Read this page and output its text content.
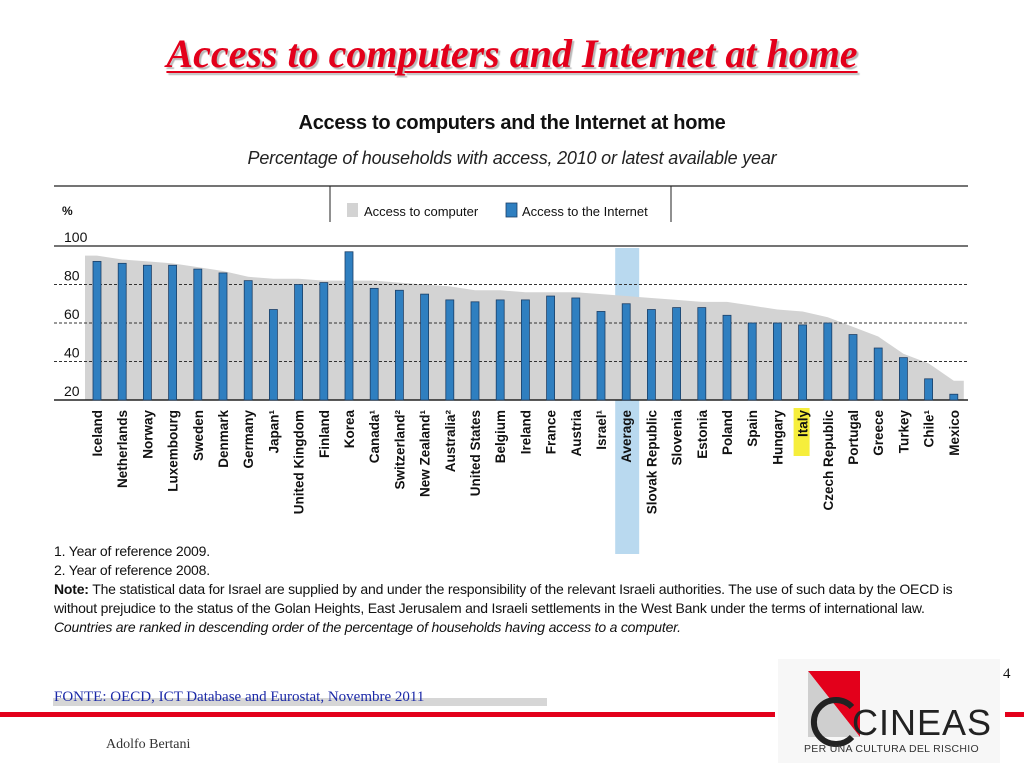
Access to computers and Internet at home
Access to computers and the Internet at home
Percentage of households with access, 2010 or latest available year
20
40
60
80
100
%
Iceland Netherlands Norway Luxembourg Sweden Denmark Germany Japan¹ United Kingdom Finland Korea Canada¹ Switzerland² New Zealand¹ Australia² United States Belgium Ireland France Austria Israel¹ Average Slovak Republic Slovenia Estonia Poland Spain Hungary Italy Czech Republic Portugal Greece Turkey Chile¹ Mexico
Access to computer	Access to the Internet
1. Year of reference 2009.
2. Year of reference 2008.
Note: The statistical data for Israel are supplied by and under the responsibility of the relevant Israeli authorities. The use of such data by the OECD is
without prejudice to the status of the Golan Heights, East Jerusalem and Israeli settlements in the West Bank under the terms of international law.
Countries are ranked in descending order of the percentage of households having access to a computer.
4
FONTE: OECD, ICT Database and Eurostat, Novembre 2011
Adolfo Bertani
CINEAS
PER UNA CULTURA DEL RISCHIO
